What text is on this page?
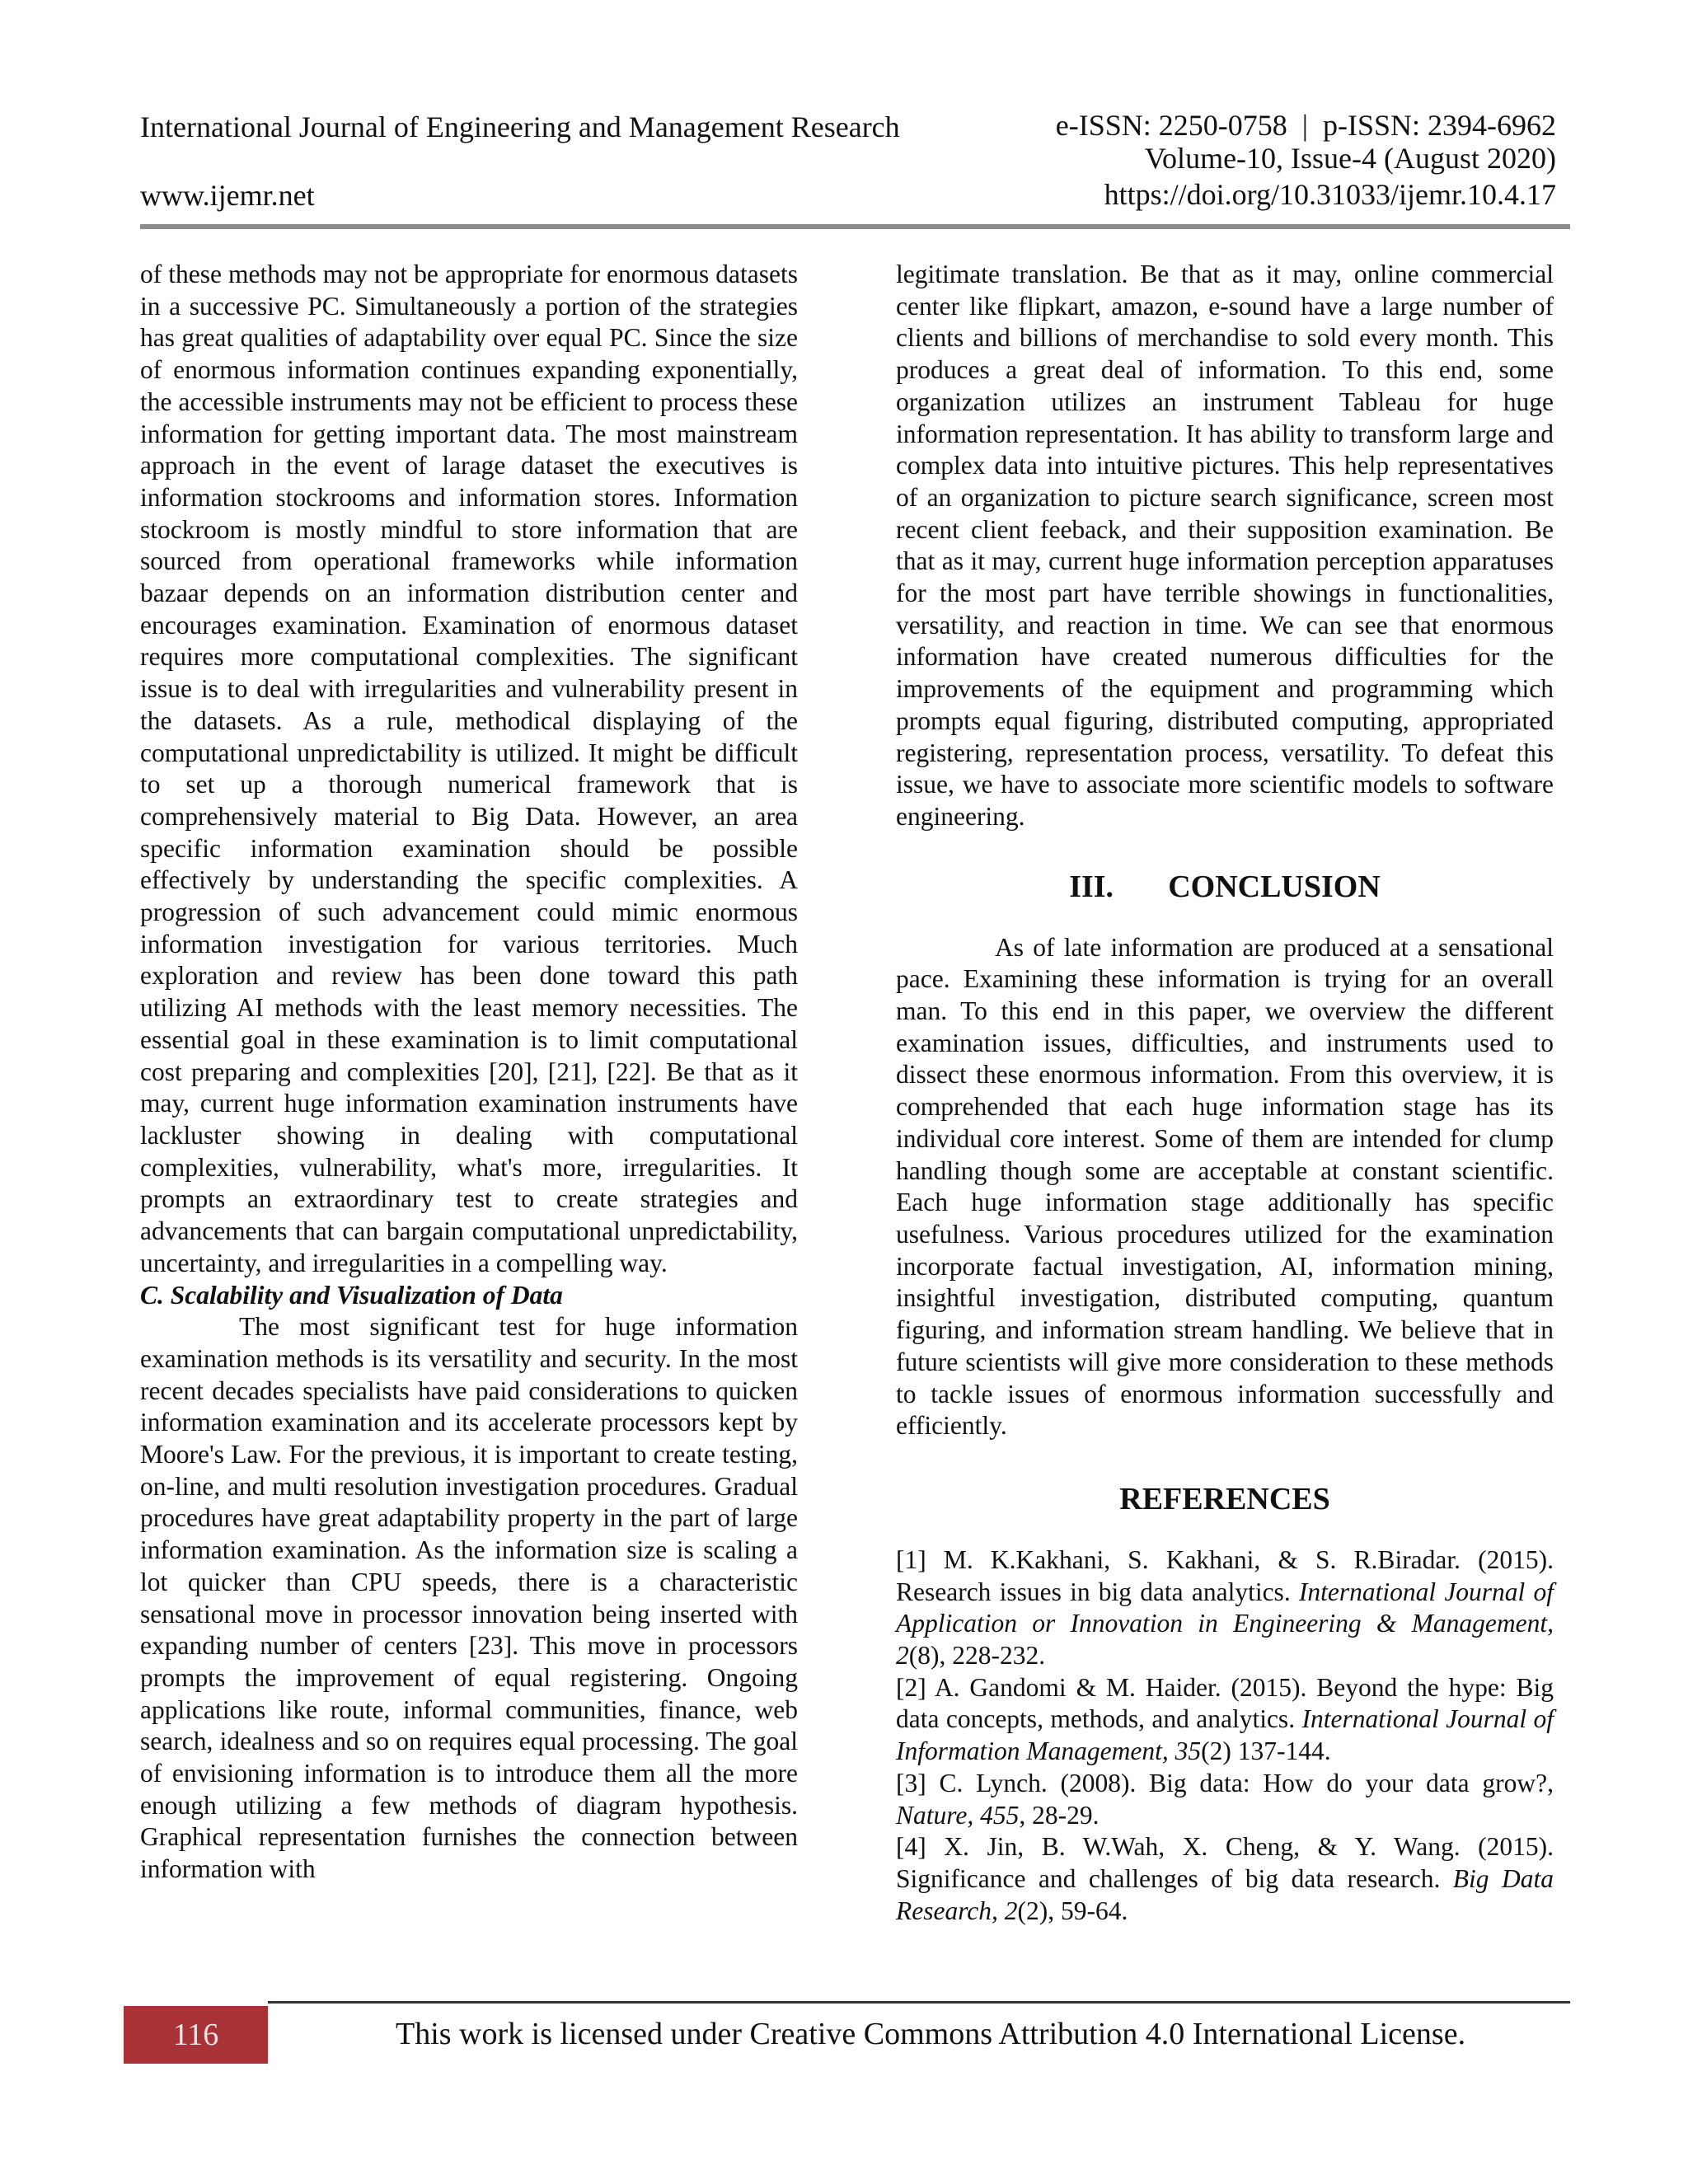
International Journal of Engineering and Management Research	e-ISSN: 2250-0758  |  p-ISSN: 2394-6962
Volume-10, Issue-4 (August 2020)
https://doi.org/10.31033/ijemr.10.4.17
www.ijemr.net

of these methods may not be appropriate for enormous datasets in a successive PC. Simultaneously a portion of the strategies has great qualities of adaptability over equal PC. Since the size of enormous information continues expanding exponentially, the accessible instruments may not be efficient to process these information for getting important data. The most mainstream approach in the event of larage dataset the executives is information stockrooms and information stores. Information stockroom is mostly mindful to store information that are sourced from operational frameworks while information bazaar depends on an information distribution center and encourages examination. Examination of enormous dataset requires more computational complexities. The significant issue is to deal with irregularities and vulnerability present in the datasets. As a rule, methodical displaying of the computational unpredictability is utilized. It might be difficult to set up a thorough numerical framework that is comprehensively material to Big Data. However, an area specific information examination should be possible effectively by understanding the specific complexities. A progression of such advancement could mimic enormous information investigation for various territories. Much exploration and review has been done toward this path utilizing AI methods with the least memory necessities. The essential goal in these examination is to limit computational cost preparing and complexities [20], [21], [22]. Be that as it may, current huge information examination instruments have lackluster showing in dealing with computational complexities, vulnerability, what's more, irregularities. It prompts an extraordinary test to create strategies and advancements that can bargain computational unpredictability, uncertainty, and irregularities in a compelling way.

C. Scalability and Visualization of Data

The most significant test for huge information examination methods is its versatility and security. In the most recent decades specialists have paid considerations to quicken information examination and its accelerate processors kept by Moore's Law. For the previous, it is important to create testing, on-line, and multi resolution investigation procedures. Gradual procedures have great adaptability property in the part of large information examination. As the information size is scaling a lot quicker than CPU speeds, there is a characteristic sensational move in processor innovation being inserted with expanding number of centers [23]. This move in processors prompts the improvement of equal registering. Ongoing applications like route, informal communities, finance, web search, idealness and so on requires equal processing. The goal of envisioning information is to introduce them all the more enough utilizing a few methods of diagram hypothesis. Graphical representation furnishes the connection between information with

legitimate translation. Be that as it may, online commercial center like flipkart, amazon, e-sound have a large number of clients and billions of merchandise to sold every month. This produces a great deal of information. To this end, some organization utilizes an instrument Tableau for huge information representation. It has ability to transform large and complex data into intuitive pictures. This help representatives of an organization to picture search significance, screen most recent client feeback, and their supposition examination. Be that as it may, current huge information perception apparatuses for the most part have terrible showings in functionalities, versatility, and reaction in time. We can see that enormous information have created numerous difficulties for the improvements of the equipment and programming which prompts equal figuring, distributed computing, appropriated registering, representation process, versatility. To defeat this issue, we have to associate more scientific models to software engineering.

III. CONCLUSION

As of late information are produced at a sensational pace. Examining these information is trying for an overall man. To this end in this paper, we overview the different examination issues, difficulties, and instruments used to dissect these enormous information. From this overview, it is comprehended that each huge information stage has its individual core interest. Some of them are intended for clump handling though some are acceptable at constant scientific. Each huge information stage additionally has specific usefulness. Various procedures utilized for the examination incorporate factual investigation, AI, information mining, insightful investigation, distributed computing, quantum figuring, and information stream handling. We believe that in future scientists will give more consideration to these methods to tackle issues of enormous information successfully and efficiently.

REFERENCES

[1] M. K.Kakhani, S. Kakhani, & S. R.Biradar. (2015). Research issues in big data analytics. International Journal of Application or Innovation in Engineering & Management, 2(8), 228-232.

[2] A. Gandomi & M. Haider. (2015). Beyond the hype: Big data concepts, methods, and analytics. International Journal of Information Management, 35(2) 137-144.

[3] C. Lynch. (2008). Big data: How do your data grow?, Nature, 455, 28-29.

[4] X. Jin, B. W.Wah, X. Cheng, & Y. Wang. (2015). Significance and challenges of big data research. Big Data Research, 2(2), 59-64.

116	This work is licensed under Creative Commons Attribution 4.0 International License.
